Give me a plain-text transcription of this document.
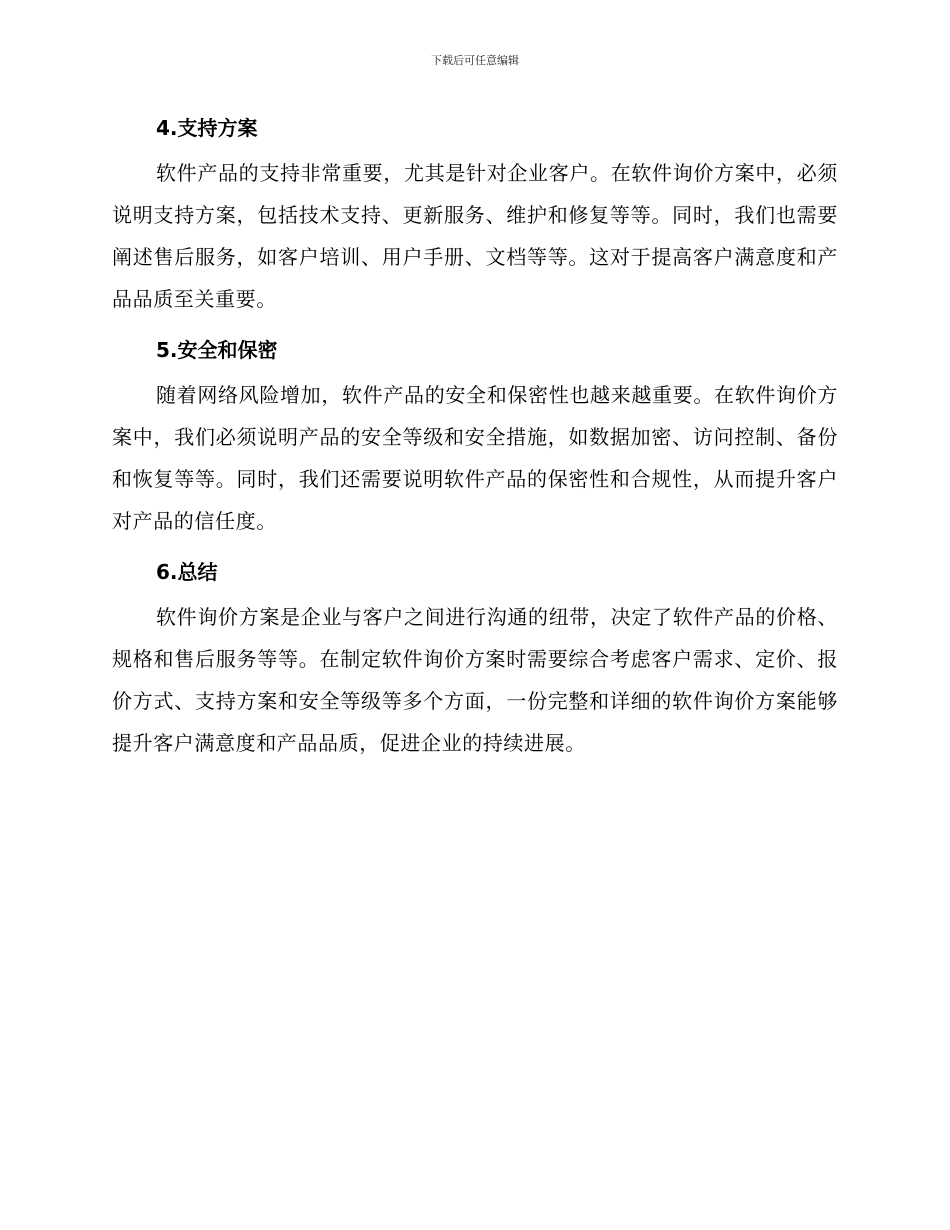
下载后可任意编辑
4.支持方案

软件产品的支持非常重要，尤其是针对企业客户。在软件询价方案中，必须说明支持方案，包括技术支持、更新服务、维护和修复等等。同时，我们也需要阐述售后服务，如客户培训、用户手册、文档等等。这对于提高客户满意度和产品品质至关重要。

5.安全和保密

随着网络风险增加，软件产品的安全和保密性也越来越重要。在软件询价方案中，我们必须说明产品的安全等级和安全措施，如数据加密、访问控制、备份和恢复等等。同时，我们还需要说明软件产品的保密性和合规性，从而提升客户对产品的信任度。

6.总结

软件询价方案是企业与客户之间进行沟通的纽带，决定了软件产品的价格、规格和售后服务等等。在制定软件询价方案时需要综合考虑客户需求、定价、报价方式、支持方案和安全等级等多个方面，一份完整和详细的软件询价方案能够提升客户满意度和产品品质，促进企业的持续进展。
